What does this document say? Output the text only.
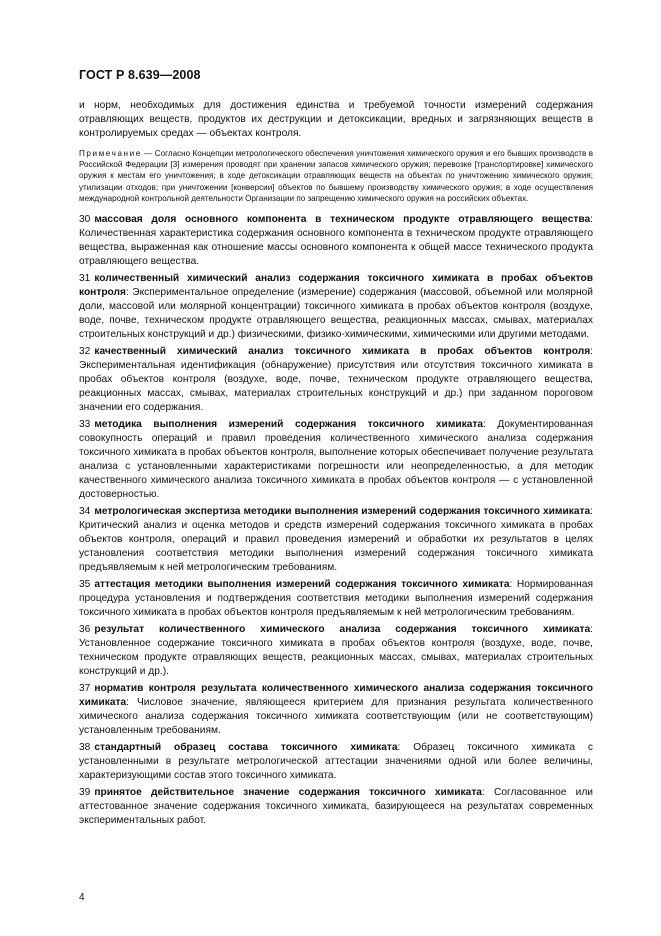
ГОСТ Р 8.639—2008

и норм, необходимых для достижения единства и требуемой точности измерений содержания отравляющих веществ, продуктов их деструкции и детоксикации, вредных и загрязняющих веществ в контролируемых средах — объектах контроля.

Примечание — Согласно Концепции метрологического обеспечения уничтожения химического оружия и его бывших производств в Российской Федерации [3] измерения проводят при хранении запасов химического оружия; перевозке [транспортировке] химического оружия к местам его уничтожения; в ходе детоксикации отравляющих веществ на объектах по уничтожению химического оружия; утилизации отходов; при уничтожении [конверсии] объектов по бывшему производству химического оружия; в ходе осуществления международной контрольной деятельности Организации по запрещению химического оружия на российских объектах.

30 массовая доля основного компонента в техническом продукте отравляющего вещества: Количественная характеристика содержания основного компонента в техническом продукте отравляющего вещества, выраженная как отношение массы основного компонента к общей массе технического продукта отравляющего вещества.

31 количественный химический анализ содержания токсичного химиката в пробах объектов контроля: Экспериментальное определение (измерение) содержания (массовой, объемной или молярной доли, массовой или молярной концентрации) токсичного химиката в пробах объектов контроля (воздухе, воде, почве, техническом продукте отравляющего вещества, реакционных массах, смывах, материалах строительных конструкций и др.) физическими, физико-химическими, химическими или другими методами.

32 качественный химический анализ токсичного химиката в пробах объектов контроля: Экспериментальная идентификация (обнаружение) присутствия или отсутствия токсичного химиката в пробах объектов контроля (воздухе, воде, почве, техническом продукте отравляющего вещества, реакционных массах, смывах, материалах строительных конструкций и др.) при заданном пороговом значении его содержания.

33 методика выполнения измерений содержания токсичного химиката: Документированная совокупность операций и правил проведения количественного химического анализа содержания токсичного химиката в пробах объектов контроля, выполнение которых обеспечивает получение результата анализа с установленными характеристиками погрешности или неопределенностью, а для методик качественного химического анализа токсичного химиката в пробах объектов контроля — с установленной достоверностью.

34 метрологическая экспертиза методики выполнения измерений содержания токсичного химиката: Критический анализ и оценка методов и средств измерений содержания токсичного химиката в пробах объектов контроля, операций и правил проведения измерений и обработки их результатов в целях установления соответствия методики выполнения измерений содержания токсичного химиката предъявляемым к ней метрологическим требованиям.

35 аттестация методики выполнения измерений содержания токсичного химиката: Нормированная процедура установления и подтверждения соответствия методики выполнения измерений содержания токсичного химиката в пробах объектов контроля предъявляемым к ней метрологическим требованиям.

36 результат количественного химического анализа содержания токсичного химиката: Установленное содержание токсичного химиката в пробах объектов контроля (воздухе, воде, почве, техническом продукте отравляющих веществ, реакционных массах, смывах, материалах строительных конструкций и др.).

37 норматив контроля результата количественного химического анализа содержания токсичного химиката: Числовое значение, являющееся критерием для признания результата количественного химического анализа содержания токсичного химиката соответствующим (или не соответствующим) установленным требованиям.

38 стандартный образец состава токсичного химиката: Образец токсичного химиката с установленными в результате метрологической аттестации значениями одной или более величины, характеризующими состав этого токсичного химиката.

39 принятое действительное значение содержания токсичного химиката: Согласованное или аттестованное значение содержания токсичного химиката, базирующееся на результатах современных экспериментальных работ.

4
